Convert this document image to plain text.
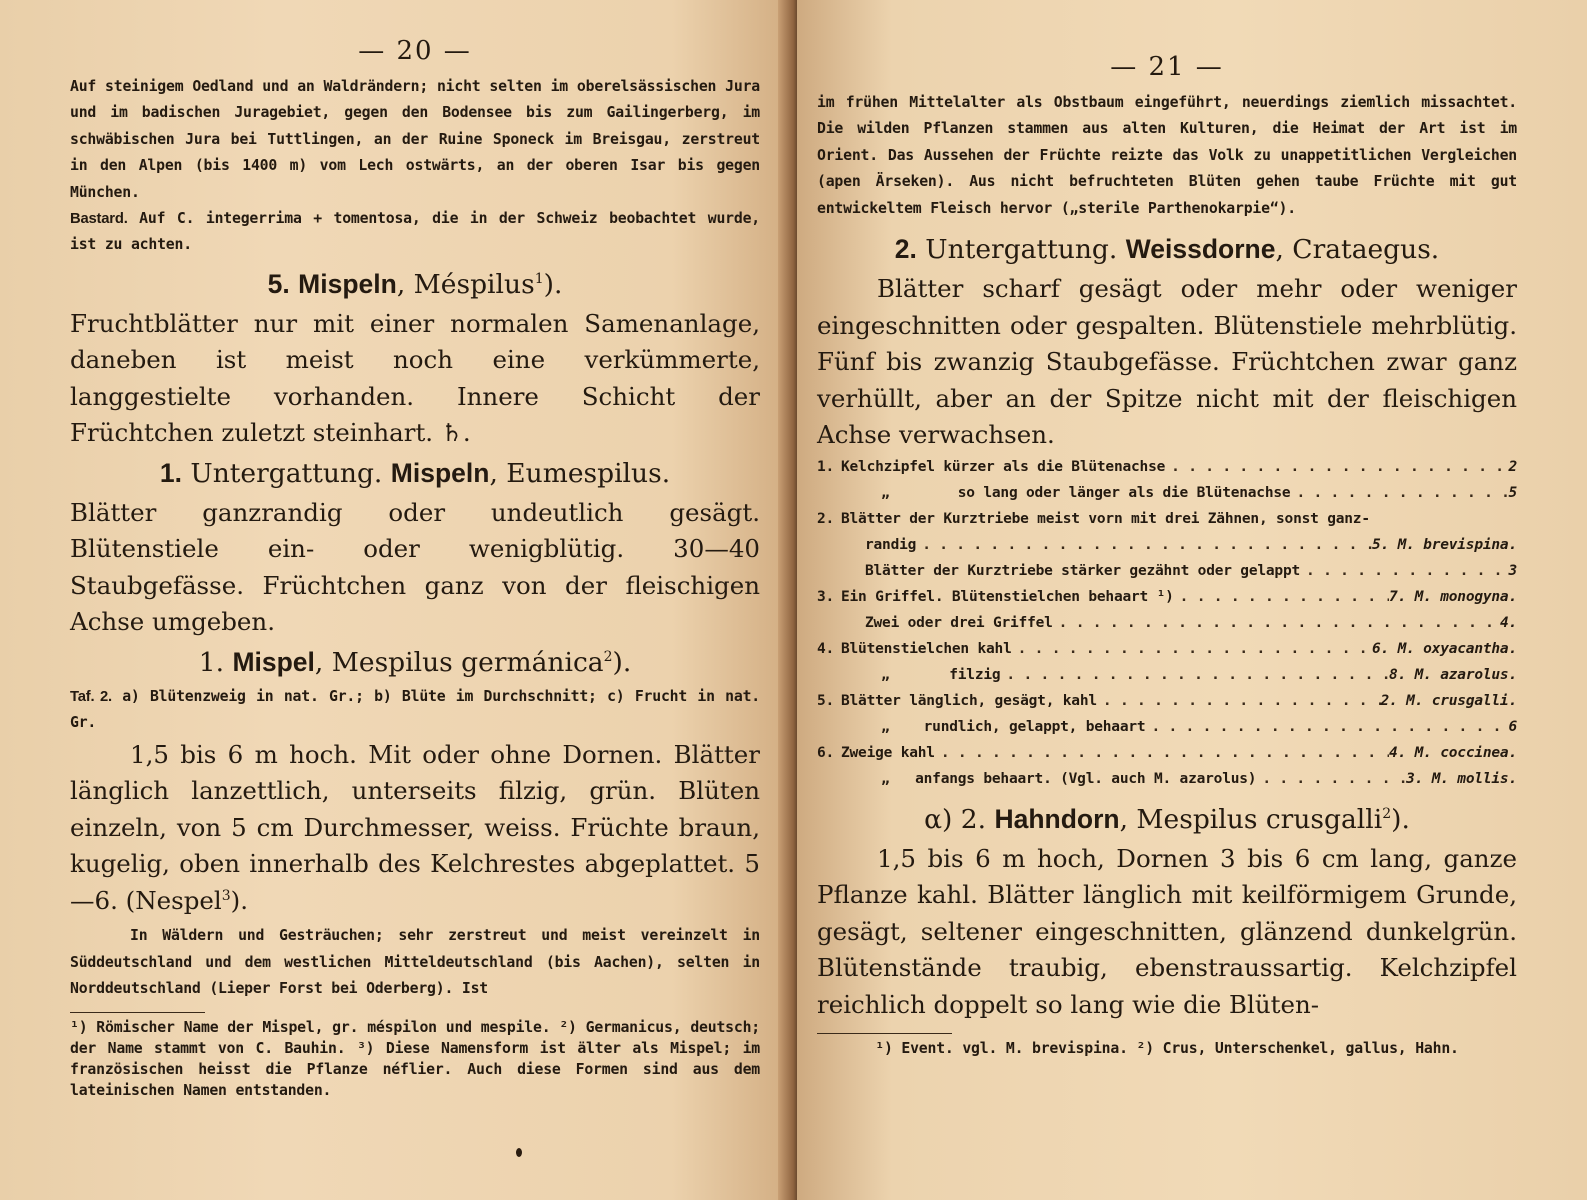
— 20 —
Auf steinigem Oedland und an Waldrändern; nicht selten im oberelsässischen Jura und im badischen Juragebiet, gegen den Bodensee bis zum Gailingerberg, im schwäbischen Jura bei Tuttlingen, an der Ruine Sponeck im Breisgau, zerstreut in den Alpen (bis 1400 m) vom Lech ostwärts, an der oberen Isar bis gegen München.
Bastard. Auf C. integerrima + tomentosa, die in der Schweiz beobachtet wurde, ist zu achten.
5. Mispeln, Méspilus$^1$).
Fruchtblätter nur mit einer normalen Samenanlage, daneben ist meist noch eine verkümmerte, langgestielte vorhanden. Innere Schicht der Früchtchen zuletzt steinhart. ♄.
1. Untergattung. Mispeln, Eumespilus.
Blätter ganzrandig oder undeutlich gesägt. Blütenstiele ein- oder wenigblütig. 30—40 Staubgefässe. Früchtchen ganz von der fleischigen Achse umgeben.
1. Mispel, Mespilus germánica$^2$).
Taf. 2. a) Blütenzweig in nat. Gr.; b) Blüte im Durchschnitt; c) Frucht in nat. Gr.
1,5 bis 6 m hoch. Mit oder ohne Dornen. Blätter länglich lanzettlich, unterseits filzig, grün. Blüten einzeln, von 5 cm Durchmesser, weiss. Früchte braun, kugelig, oben innerhalb des Kelchrestes abgeplattet. 5—6. (Nespel$^3$).
In Wäldern und Gesträuchen; sehr zerstreut und meist vereinzelt in Süddeutschland und dem westlichen Mitteldeutschland (bis Aachen), selten in Norddeutschland (Lieper Forst bei Oderberg). Ist
¹) Römischer Name der Mispel, gr. méspilon und mespile. ²) Germanicus, deutsch; der Name stammt von C. Bauhin. ³) Diese Namensform ist älter als Mispel; im französischen heisst die Pflanze néflier. Auch diese Formen sind aus dem lateinischen Namen entstanden.
— 21 —
im frühen Mittelalter als Obstbaum eingeführt, neuerdings ziemlich missachtet. Die wilden Pflanzen stammen aus alten Kulturen, die Heimat der Art ist im Orient. Das Aussehen der Früchte reizte das Volk zu unappetitlichen Vergleichen (apen Ärseken). Aus nicht befruchteten Blüten gehen taube Früchte mit gut entwickeltem Fleisch hervor („sterile Parthenokarpie“).
2. Untergattung. Weissdorne, Crataegus.
Blätter scharf gesägt oder mehr oder weniger eingeschnitten oder gespalten. Blütenstiele mehrblütig. Fünf bis zwanzig Staubgefässe. Früchtchen zwar ganz verhüllt, aber an der Spitze nicht mit der fleischigen Achse verwachsen.
1. Kelchzipfel kürzer als die Blütenachse . . .	2
„        so lang oder länger als die Blütenachse . . .	5
2. Blätter der Kurztriebe meist vorn mit drei Zähnen, sonst ganz-
randig . . .	5. M. brevispina.
Blätter der Kurztriebe stärker gezähnt oder gelappt . . .	3
3. Ein Griffel. Blütenstielchen behaart ¹) . . .	7. M. monogyna.
Zwei oder drei Griffel . . .	4.
4. Blütenstielchen kahl . . .	6. M. oxyacantha.
„       filzig . . .	8. M. azarolus.
5. Blätter länglich, gesägt, kahl . . .	2. M. crusgalli.
„    rundlich, gelappt, behaart . . .	6
6. Zweige kahl . . .	4. M. coccinea.
„   anfangs behaart. (Vgl. auch M. azarolus) . . .	3. M. mollis.
α) 2. Hahndorn, Mespilus crusgalli$^2$).
1,5 bis 6 m hoch, Dornen 3 bis 6 cm lang, ganze Pflanze kahl. Blätter länglich mit keilförmigem Grunde, gesägt, seltener eingeschnitten, glänzend dunkelgrün. Blütenstände traubig, ebenstraussartig. Kelchzipfel reichlich doppelt so lang wie die Blüten-
¹) Event. vgl. M. brevispina. ²) Crus, Unterschenkel, gallus, Hahn.
